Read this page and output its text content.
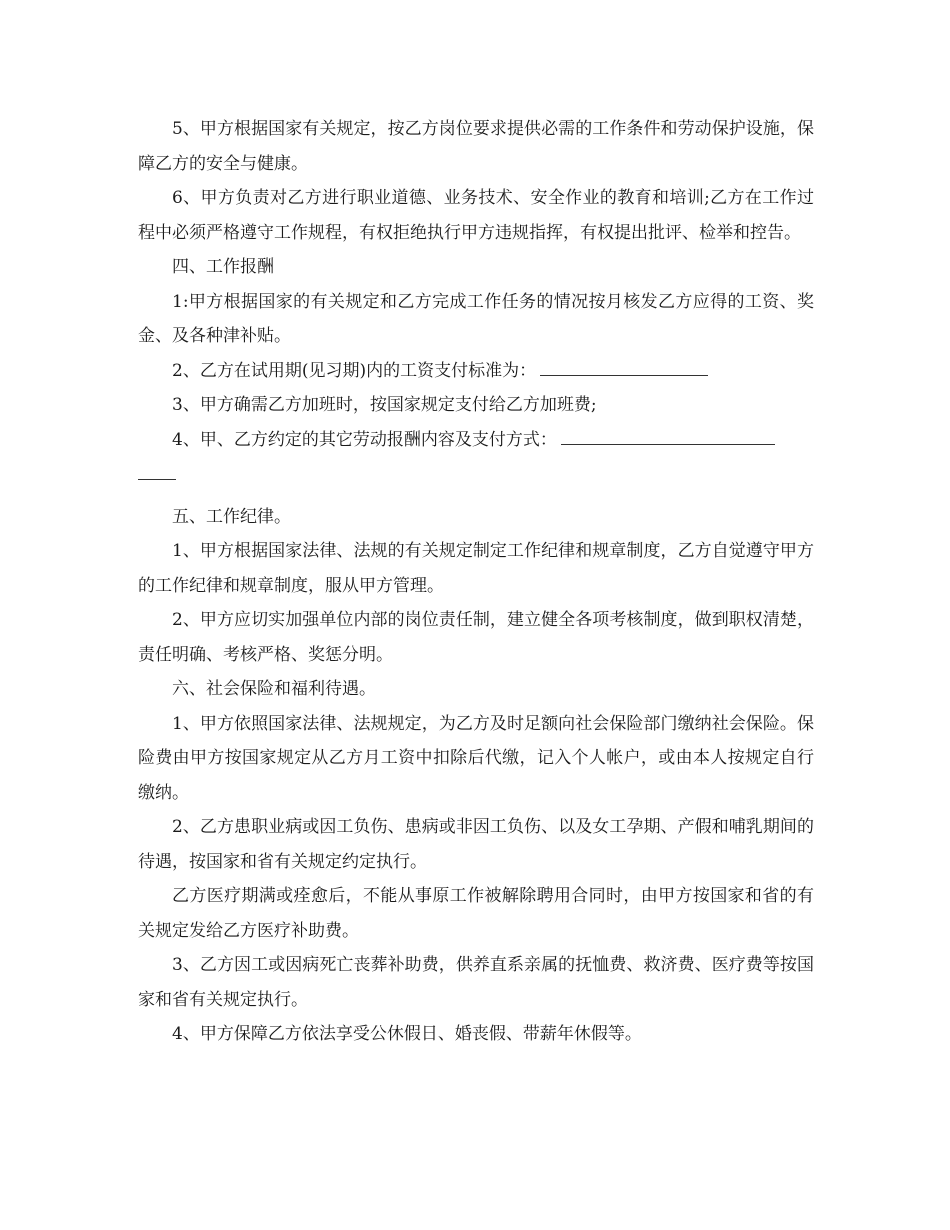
5、甲方根据国家有关规定，按乙方岗位要求提供必需的工作条件和劳动保护设施，保障乙方的安全与健康。

6、甲方负责对乙方进行职业道德、业务技术、安全作业的教育和培训;乙方在工作过程中必须严格遵守工作规程，有权拒绝执行甲方违规指挥，有权提出批评、检举和控告。

四、工作报酬

1:甲方根据国家的有关规定和乙方完成工作任务的情况按月核发乙方应得的工资、奖金、及各种津补贴。

2、乙方在试用期(见习期)内的工资支付标准为：

3、甲方确需乙方加班时，按国家规定支付给乙方加班费;

4、甲、乙方约定的其它劳动报酬内容及支付方式：

五、工作纪律。

1、甲方根据国家法律、法规的有关规定制定工作纪律和规章制度，乙方自觉遵守甲方的工作纪律和规章制度，服从甲方管理。

2、甲方应切实加强单位内部的岗位责任制，建立健全各项考核制度，做到职权清楚，责任明确、考核严格、奖惩分明。

六、社会保险和福利待遇。

1、甲方依照国家法律、法规规定，为乙方及时足额向社会保险部门缴纳社会保险。保险费由甲方按国家规定从乙方月工资中扣除后代缴，记入个人帐户，或由本人按规定自行缴纳。

2、乙方患职业病或因工负伤、患病或非因工负伤、以及女工孕期、产假和哺乳期间的待遇，按国家和省有关规定约定执行。

乙方医疗期满或痊愈后，不能从事原工作被解除聘用合同时，由甲方按国家和省的有关规定发给乙方医疗补助费。

3、乙方因工或因病死亡丧葬补助费，供养直系亲属的抚恤费、救济费、医疗费等按国家和省有关规定执行。

4、甲方保障乙方依法享受公休假日、婚丧假、带薪年休假等。
